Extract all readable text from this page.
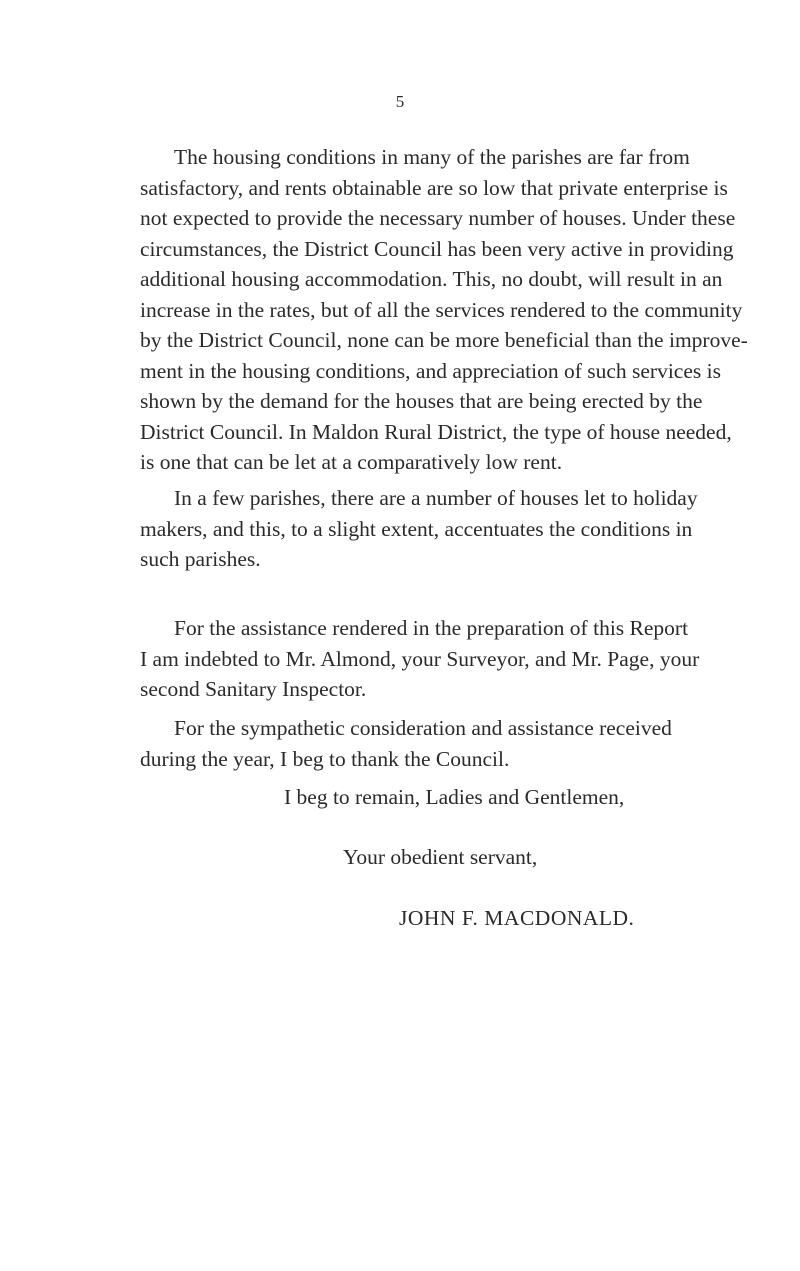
5
The housing conditions in many of the parishes are far from
satisfactory, and rents obtainable are so low that private enterprise is
not expected to provide the necessary number of houses. Under these
circumstances, the District Council has been very active in providing
additional housing accommodation. This, no doubt, will result in an
increase in the rates, but of all the services rendered to the community
by the District Council, none can be more beneficial than the improve-
ment in the housing conditions, and appreciation of such services is
shown by the demand for the houses that are being erected by the
District Council. In Maldon Rural District, the type of house needed,
is one that can be let at a comparatively low rent.
In a few parishes, there are a number of houses let to holiday
makers, and this, to a slight extent, accentuates the conditions in
such parishes.
For the assistance rendered in the preparation of this Report
I am indebted to Mr. Almond, your Surveyor, and Mr. Page, your
second Sanitary Inspector.
For the sympathetic consideration and assistance received
during the year, I beg to thank the Council.
I beg to remain, Ladies and Gentlemen,
Your obedient servant,
JOHN F. MACDONALD.
